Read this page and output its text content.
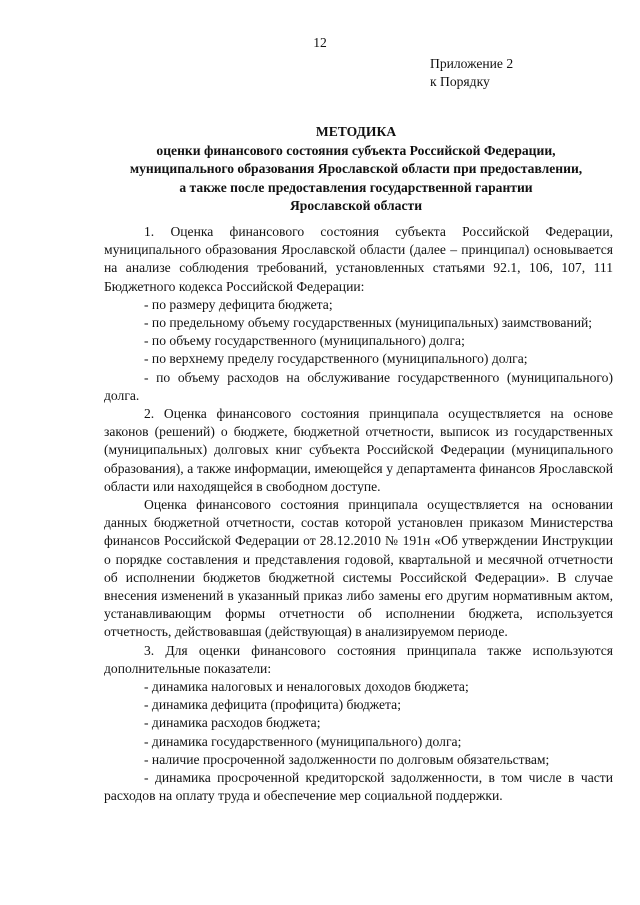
12
Приложение 2
к Порядку
МЕТОДИКА
оценки финансового состояния субъекта Российской Федерации,
муниципального образования Ярославской области при предоставлении,
а также после предоставления государственной гарантии
Ярославской области

1. Оценка финансового состояния субъекта Российской Федерации, муниципального образования Ярославской области (далее – принципал) основывается на анализе соблюдения требований, установленных статьями 92.1, 106, 107, 111 Бюджетного кодекса Российской Федерации:

- по размеру дефицита бюджета;

- по предельному объему государственных (муниципальных) заимствований;

- по объему государственного (муниципального) долга;

- по верхнему пределу государственного (муниципального) долга;

- по объему расходов на обслуживание государственного (муниципального) долга.

2. Оценка финансового состояния принципала осуществляется на основе законов (решений) о бюджете, бюджетной отчетности, выписок из государственных (муниципальных) долговых книг субъекта Российской Федерации (муниципального образования), а также информации, имеющейся у департамента финансов Ярославской области или находящейся в свободном доступе.

Оценка финансового состояния принципала осуществляется на основании данных бюджетной отчетности, состав которой установлен приказом Министерства финансов Российской Федерации от 28.12.2010 № 191н «Об утверждении Инструкции о порядке составления и представления годовой, квартальной и месячной отчетности об исполнении бюджетов бюджетной системы Российской Федерации». В случае внесения изменений в указанный приказ либо замены его другим нормативным актом, устанавливающим формы отчетности об исполнении бюджета, используется отчетность, действовавшая (действующая) в анализируемом периоде.

3. Для оценки финансового состояния принципала также используются дополнительные показатели:

- динамика налоговых и неналоговых доходов бюджета;

- динамика дефицита (профицита) бюджета;

- динамика расходов бюджета;

- динамика государственного (муниципального) долга;

- наличие просроченной задолженности по долговым обязательствам;

- динамика просроченной кредиторской задолженности, в том числе в части расходов на оплату труда и обеспечение мер социальной поддержки.
